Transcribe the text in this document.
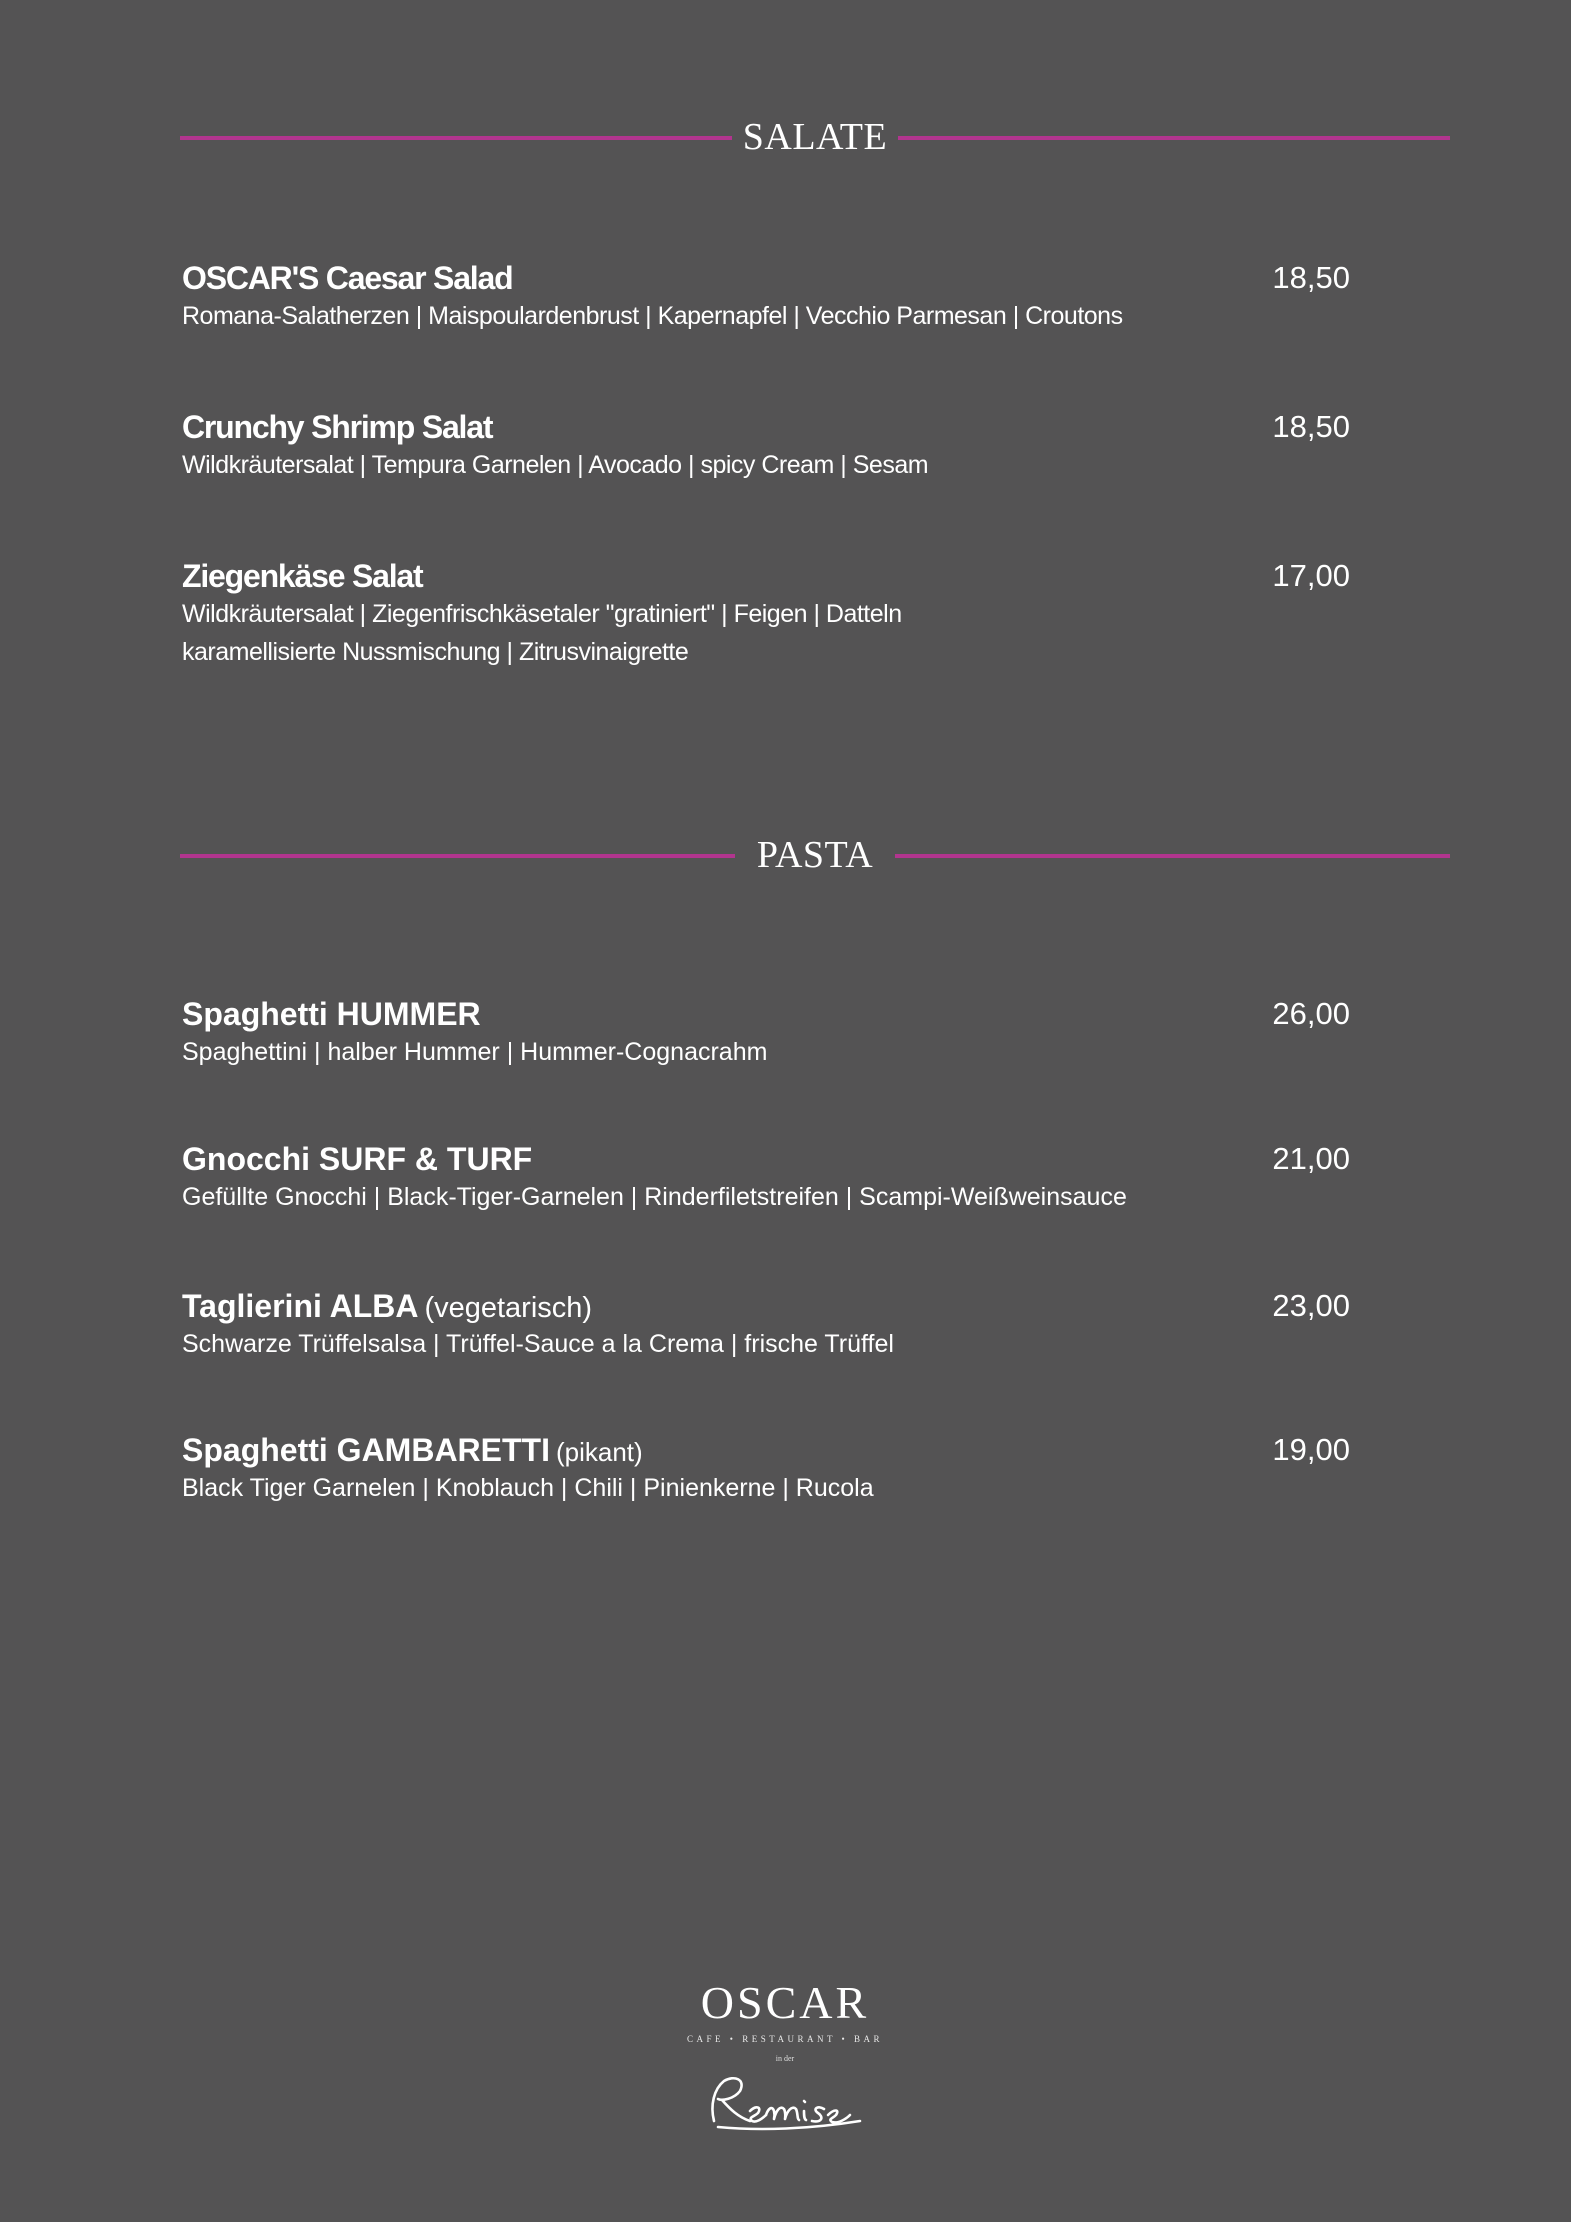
SALATE
OSCAR'S Caesar Salad
Romana-Salatherzen | Maispoulardenbrust | Kapernapfel | Vecchio Parmesan | Croutons
18,50
Crunchy Shrimp Salat
Wildkräutersalat | Tempura Garnelen | Avocado | spicy Cream | Sesam
18,50
Ziegenkäse Salat
Wildkräutersalat | Ziegenfrischkäsetaler "gratiniert" | Feigen | Datteln
karamellisierte Nussmischung | Zitrusvinaigrette
17,00
PASTA
Spaghetti HUMMER
Spaghettini | halber Hummer | Hummer-Cognacrahm
26,00
Gnocchi SURF & TURF
Gefüllte Gnocchi | Black-Tiger-Garnelen | Rinderfiletstreifen | Scampi-Weißweinsauce
21,00
Taglierini ALBA (vegetarisch)
Schwarze Trüffelsalsa | Trüffel-Sauce a la Crema | frische Trüffel
23,00
Spaghetti GAMBARETTI (pikant)
Black Tiger Garnelen | Knoblauch | Chili | Pinienkerne | Rucola
19,00
OSCAR
CAFE • RESTAURANT • BAR
in der
